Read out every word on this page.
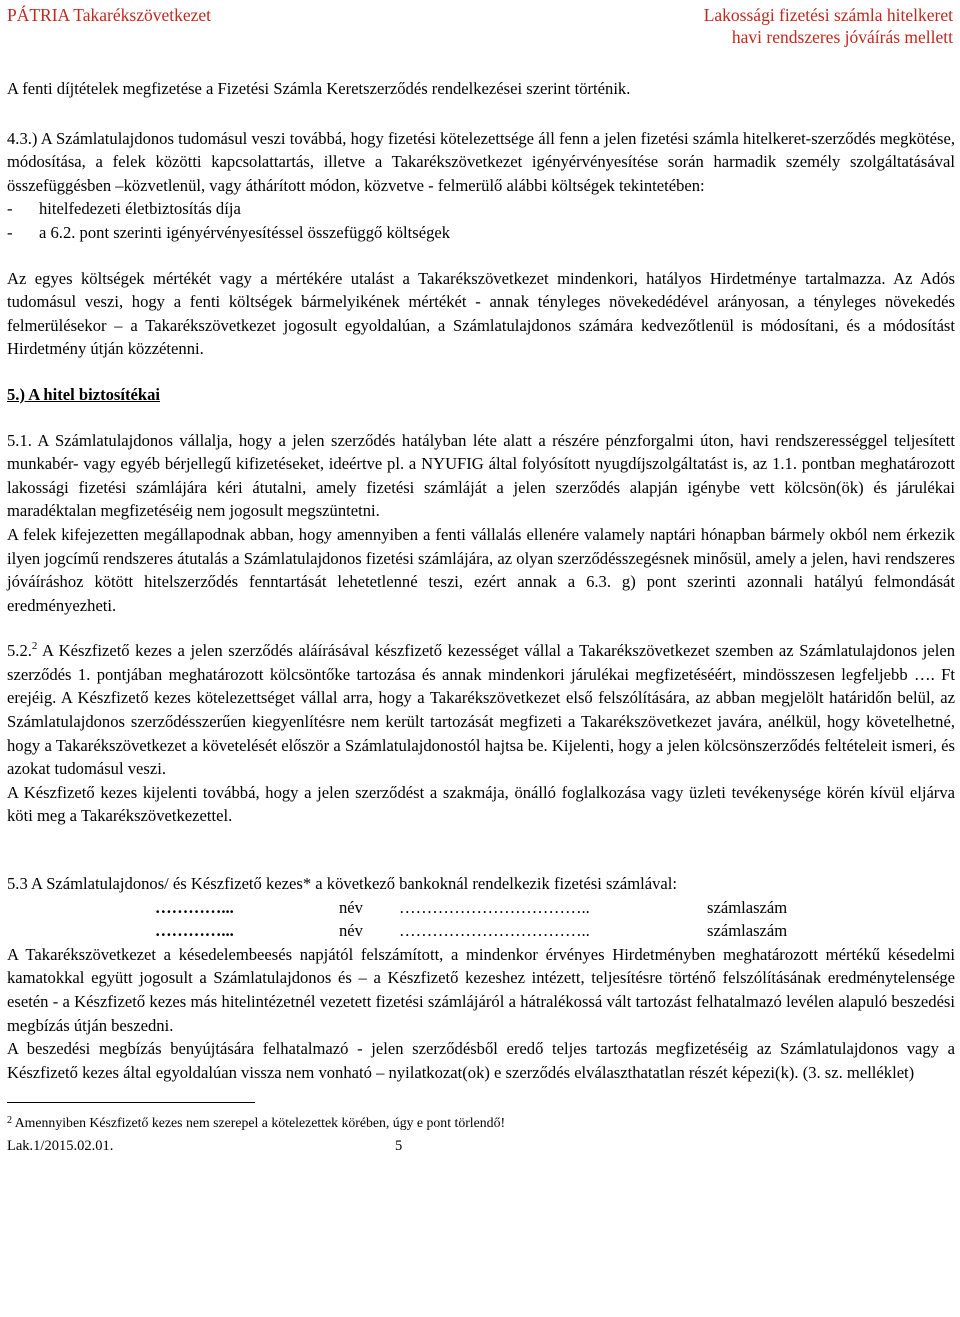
PÁTRIA Takarékszövetkezet	Lakossági fizetési számla hitelkeret
havi rendszeres jóváírás mellett

A fenti díjtételek megfizetése a Fizetési Számla Keretszerződés rendelkezései szerint történik.

4.3.) A Számlatulajdonos tudomásul veszi továbbá, hogy fizetési kötelezettsége áll fenn a jelen fizetési számla hitelkeret-szerződés megkötése, módosítása, a felek közötti kapcsolattartás, illetve a Takarékszövetkezet igényérvényesítése során harmadik személy szolgáltatásával összefüggésben –közvetlenül, vagy áthárított módon, közvetve - felmerülő alábbi költségek tekintetében:

- hitelfedezeti életbiztosítás díja
- a 6.2. pont szerinti igényérvényesítéssel összefüggő költségek

Az egyes költségek mértékét vagy a mértékére utalást a Takarékszövetkezet mindenkori, hatályos Hirdetménye tartalmazza. Az Adós tudomásul veszi, hogy a fenti költségek bármelyikének mértékét - annak tényleges növekedédével arányosan, a tényleges növekedés felmerülésekor – a Takarékszövetkezet jogosult egyoldalúan, a Számlatulajdonos számára kedvezőtlenül is módosítani, és a módosítást Hirdetmény útján közzétenni.

5.) A hitel biztosítékai

5.1. A Számlatulajdonos vállalja, hogy a jelen szerződés hatályban léte alatt a részére pénzforgalmi úton, havi rendszerességgel teljesített munkabér- vagy egyéb bérjellegű kifizetéseket, ideértve pl. a NYUFIG által folyósított nyugdíjszolgáltatást is, az 1.1. pontban meghatározott lakossági fizetési számlájára kéri átutalni, amely fizetési számláját a jelen szerződés alapján igénybe vett kölcsön(ök) és járulékai maradéktalan megfizetéséig nem jogosult megszüntetni.

A felek kifejezetten megállapodnak abban, hogy amennyiben a fenti vállalás ellenére valamely naptári hónapban bármely okból nem érkezik ilyen jogcímű rendszeres átutalás a Számlatulajdonos fizetési számlájára, az olyan szerződésszegésnek minősül, amely a jelen, havi rendszeres jóváíráshoz kötött hitelszerződés fenntartását lehetetlenné teszi, ezért annak a 6.3. g) pont szerinti azonnali hatályú felmondását eredményezheti.

5.2.$^2$ A Készfizető kezes a jelen szerződés aláírásával készfizető kezességet vállal a Takarékszövetkezet szemben az Számlatulajdonos jelen szerződés 1. pontjában meghatározott kölcsöntőke tartozása és annak mindenkori járulékai megfizetéséért, mindösszesen legfeljebb …. Ft erejéig. A Készfizető kezes kötelezettséget vállal arra, hogy a Takarékszövetkezet első felszólítására, az abban megjelölt határidőn belül, az Számlatulajdonos szerződésszerűen kiegyenlítésre nem került tartozását megfizeti a Takarékszövetkezet javára, anélkül, hogy követelhetné, hogy a Takarékszövetkezet a követelését először a Számlatulajdonostól hajtsa be. Kijelenti, hogy a jelen kölcsönszerződés feltételeit ismeri, és azokat tudomásul veszi.

A Készfizető kezes kijelenti továbbá, hogy a jelen szerződést a szakmája, önálló foglalkozása vagy üzleti tevékenysége körén kívül eljárva köti meg a Takarékszövetkezettel.

5.3 A Számlatulajdonos/ és Készfizető kezes* a következő bankoknál rendelkezik fizetési számlával:

…………...	név ……………………………..	számlaszám
…………...	név ……………………………..	számlaszám

A Takarékszövetkezet a késedelembeesés napjától felszámított, a mindenkor érvényes Hirdetményben meghatározott mértékű késedelmi kamatokkal együtt jogosult a Számlatulajdonos és – a Készfizető kezeshez intézett, teljesítésre történő felszólításának eredménytelensége esetén - a Készfizető kezes más hitelintézetnél vezetett fizetési számlájáról a hátralékossá vált tartozást felhatalmazó levélen alapuló beszedési megbízás útján beszedni.

A beszedési megbízás benyújtására felhatalmazó - jelen szerződésből eredő teljes tartozás megfizetéséig az Számlatulajdonos vagy a Készfizető kezes által egyoldalúan vissza nem vonható – nyilatkozat(ok) e szerződés elválaszthatatlan részét képezi(k). (3. sz. melléklet)

$^2$ Amennyiben Készfizető kezes nem szerepel a kötelezettek körében, úgy e pont törlendő!
Lak.1/2015.02.01.	5
